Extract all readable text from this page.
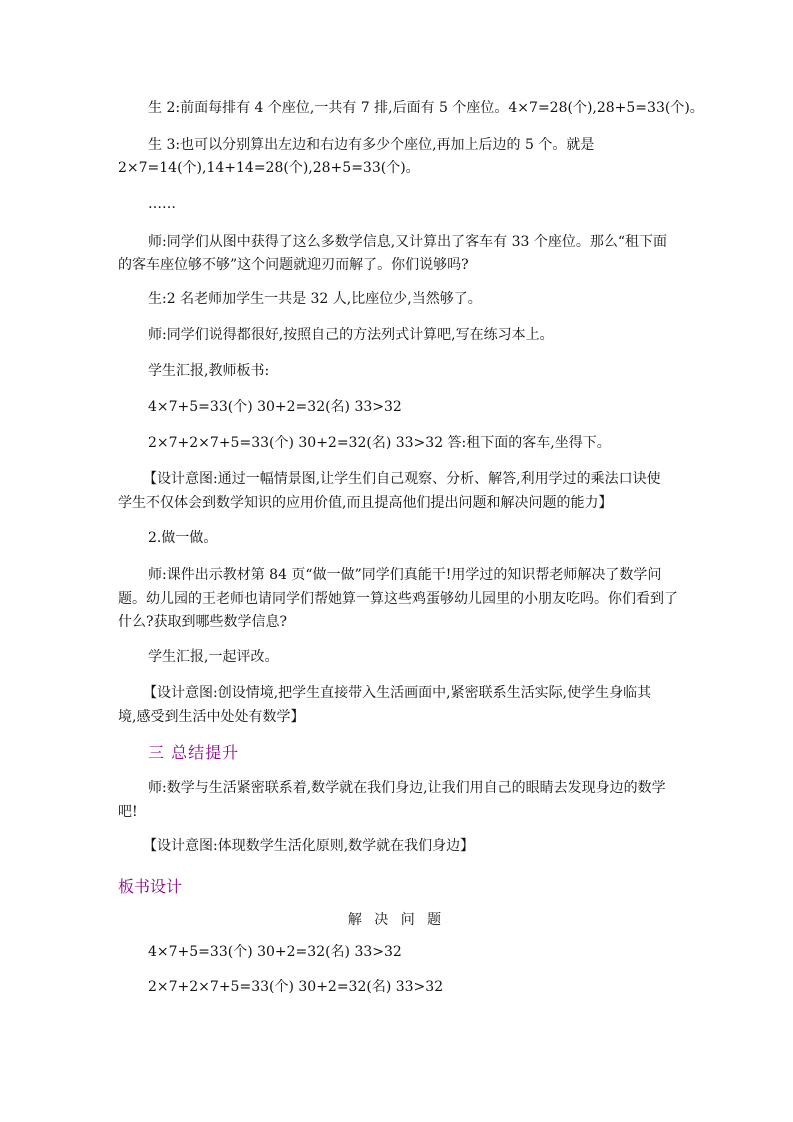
生 2:前面每排有 4 个座位,一共有 7 排,后面有 5 个座位。4×7=28(个),28+5=33(个)。
生 3:也可以分别算出左边和右边有多少个座位,再加上后边的 5 个。就是
2×7=14(个),14+14=28(个),28+5=33(个)。
……
师:同学们从图中获得了这么多数学信息,又计算出了客车有 33 个座位。那么“租下面
的客车座位够不够”这个问题就迎刃而解了。你们说够吗?
生:2 名老师加学生一共是 32 人,比座位少,当然够了。
师:同学们说得都很好,按照自己的方法列式计算吧,写在练习本上。
学生汇报,教师板书:
4×7+5=33(个) 30+2=32(名) 33>32
2×7+2×7+5=33(个) 30+2=32(名) 33>32 答:租下面的客车,坐得下。
【设计意图:通过一幅情景图,让学生们自己观察、分析、解答,利用学过的乘法口诀使
学生不仅体会到数学知识的应用价值,而且提高他们提出问题和解决问题的能力】
2.做一做。
师:课件出示教材第 84 页“做一做”同学们真能干!用学过的知识帮老师解决了数学问
题。幼儿园的王老师也请同学们帮她算一算这些鸡蛋够幼儿园里的小朋友吃吗。你们看到了
什么?获取到哪些数学信息?
学生汇报,一起评改。
【设计意图:创设情境,把学生直接带入生活画面中,紧密联系生活实际,使学生身临其
境,感受到生活中处处有数学】
三 总结提升
师:数学与生活紧密联系着,数学就在我们身边,让我们用自己的眼睛去发现身边的数学
吧!
【设计意图:体现数学生活化原则,数学就在我们身边】
板书设计
解 决 问 题
4×7+5=33(个) 30+2=32(名) 33>32
2×7+2×7+5=33(个) 30+2=32(名) 33>32
